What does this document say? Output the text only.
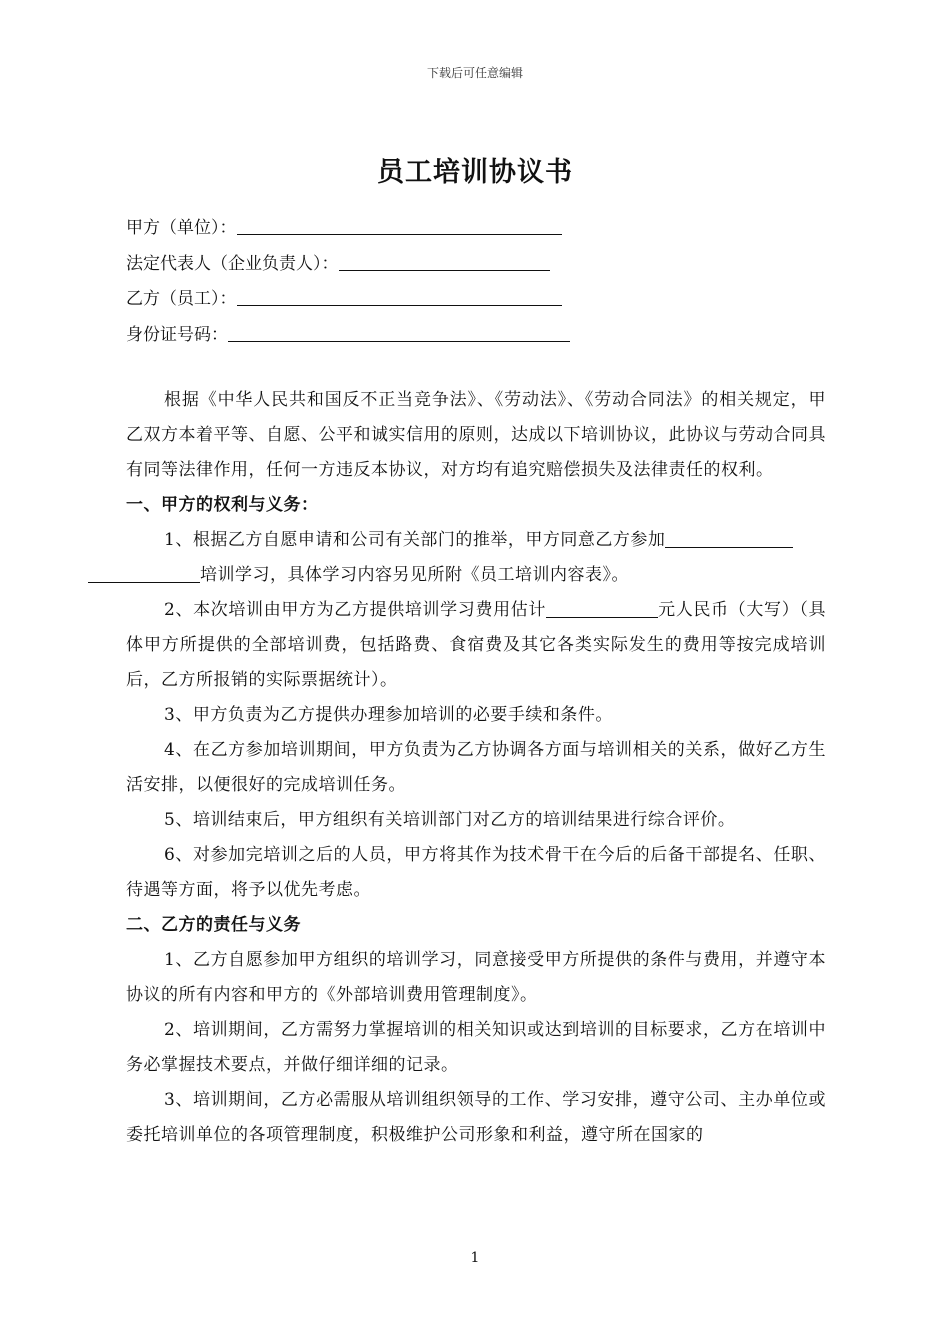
下载后可任意编辑
员工培训协议书
甲方（单位）：
法定代表人（企业负责人）：
乙方（员工）：
身份证号码：

根据《中华人民共和国反不正当竞争法》、《劳动法》、《劳动合同法》的相关规定，甲乙双方本着平等、自愿、公平和诚实信用的原则，达成以下培训协议，此协议与劳动合同具有同等法律作用，任何一方违反本协议，对方均有追究赔偿损失及法律责任的权利。

一、甲方的权利与义务：

1、根据乙方自愿申请和公司有关部门的推举，甲方同意乙方参加
培训学习，具体学习内容另见所附《员工培训内容表》。

2、本次培训由甲方为乙方提供培训学习费用估计	元人民币（大写）（具体甲方所提供的全部培训费，包括路费、食宿费及其它各类实际发生的费用等按完成培训后，乙方所报销的实际票据统计）。

3、甲方负责为乙方提供办理参加培训的必要手续和条件。

4、在乙方参加培训期间，甲方负责为乙方协调各方面与培训相关的关系，做好乙方生活安排，以便很好的完成培训任务。

5、培训结束后，甲方组织有关培训部门对乙方的培训结果进行综合评价。

6、对参加完培训之后的人员，甲方将其作为技术骨干在今后的后备干部提名、任职、待遇等方面，将予以优先考虑。

二、乙方的责任与义务

1、乙方自愿参加甲方组织的培训学习，同意接受甲方所提供的条件与费用，并遵守本协议的所有内容和甲方的《外部培训费用管理制度》。

2、培训期间，乙方需努力掌握培训的相关知识或达到培训的目标要求，乙方在培训中务必掌握技术要点，并做仔细详细的记录。

3、培训期间，乙方必需服从培训组织领导的工作、学习安排，遵守公司、主办单位或委托培训单位的各项管理制度，积极维护公司形象和利益，遵守所在国家的

1
